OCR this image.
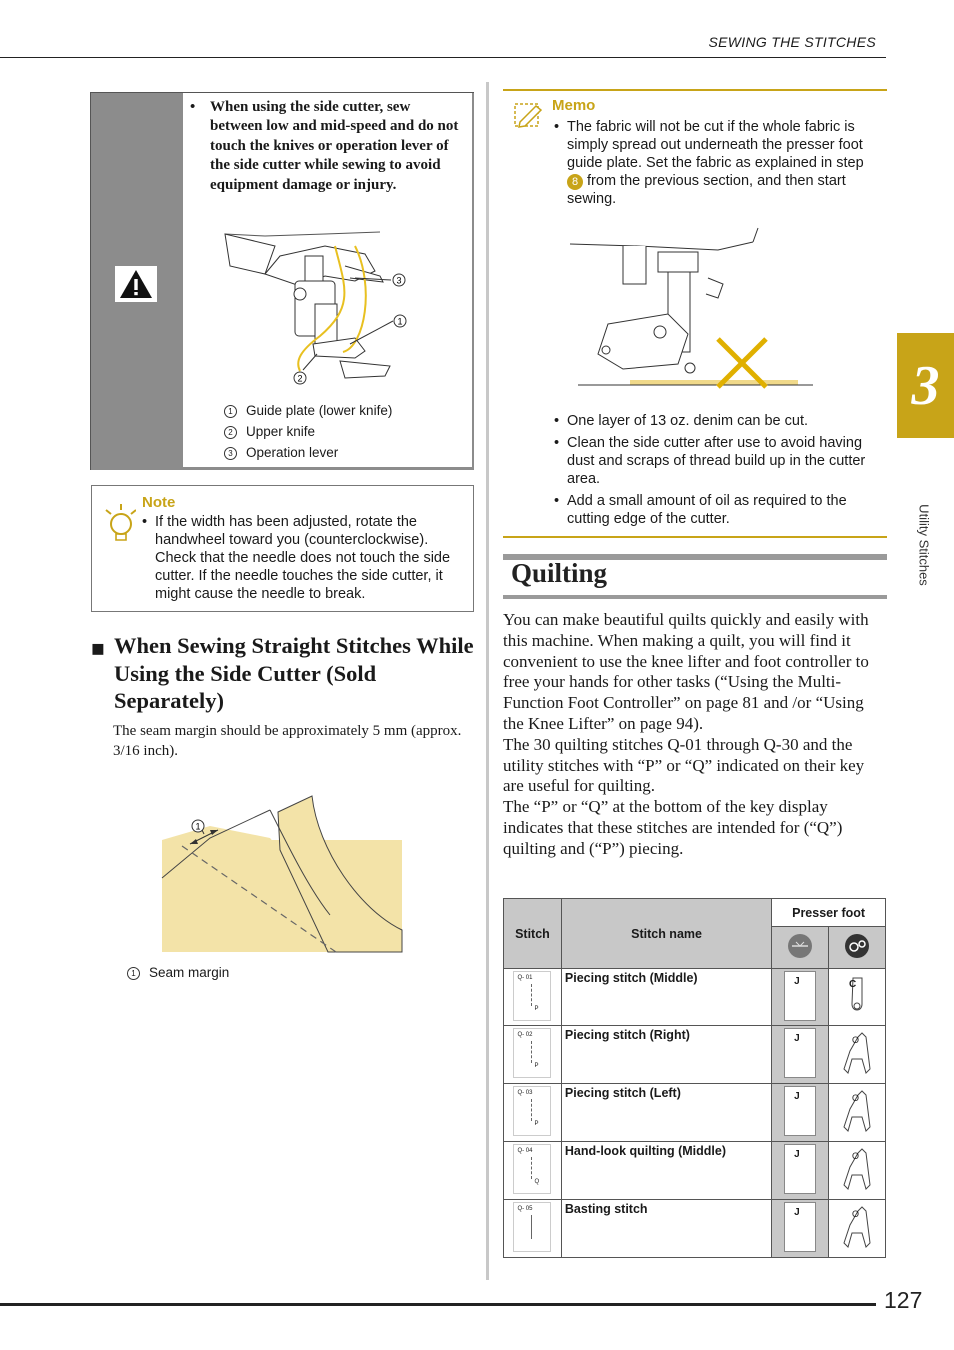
SEWING THE STITCHES
3
Utility Stitches
• When using the side cutter, sew between low and mid-speed and do not touch the knives or operation lever of the side cutter while sewing to avoid equipment damage or injury.
3
1
2
1 Guide plate (lower knife)
2 Upper knife
3 Operation lever
Note
• If the width has been adjusted, rotate the handwheel toward you (counterclockwise). Check that the needle does not touch the side cutter. If the needle touches the side cutter, it might cause the needle to break.
■ When Sewing Straight Stitches While Using the Side Cutter (Sold Separately)
The seam margin should be approximately 5 mm (approx. 3/16 inch).
1
1 Seam margin
Memo
• The fabric will not be cut if the whole fabric is simply spread out underneath the presser foot guide plate. Set the fabric as explained in step 8 from the previous section, and then start sewing.
• One layer of 13 oz. denim can be cut.
• Clean the side cutter after use to avoid having dust and scraps of thread build up in the cutter area.
• Add a small amount of oil as required to the cutting edge of the cutter.
Quilting

You can make beautiful quilts quickly and easily with this machine. When making a quilt, you will find it convenient to use the knee lifter and foot controller to free your hands for other tasks (“Using the Multi-Function Foot Controller” on page 81 and /or “Using the Knee Lifter” on page 94).

The 30 quilting stitches Q-01 through Q-30 and the utility stitches with “P” or “Q” indicated on their key are useful for quilting.

The “P” or “Q” at the bottom of the key display indicates that these stitches are intended for (“Q”) quilting and (“P”) piecing.

Stitch	Stitch name	Presser foot	

Q- 01
P	Piecing stitch (Middle)	J	C

Q- 02
P	Piecing stitch (Right)	J	O

Q- 03
P	Piecing stitch (Left)	J	O

Q- 04
Q	Hand-look quilting (Middle)	J	O

Q- 05	Basting stitch	J	O
127
